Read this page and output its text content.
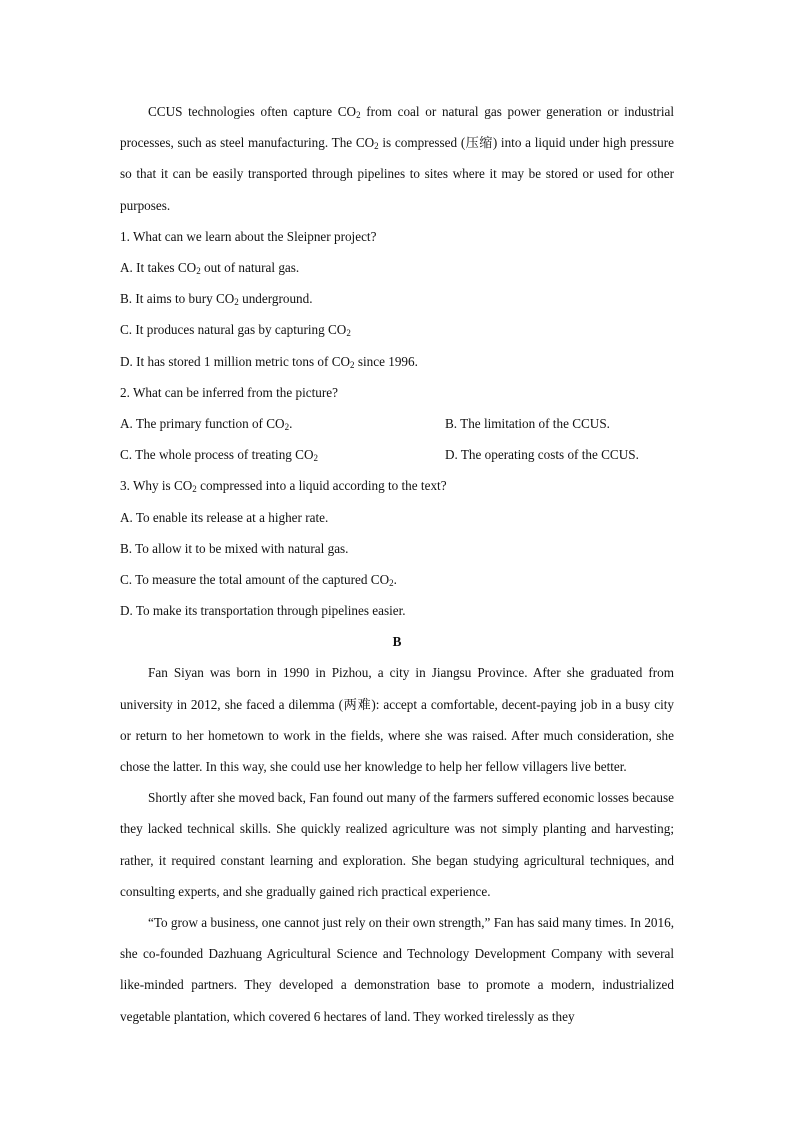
CCUS technologies often capture $CO_2$ from coal or natural gas power generation or industrial processes, such as steel manufacturing. The $CO_2$ is compressed (压缩) into a liquid under high pressure so that it can be easily transported through pipelines to sites where it may be stored or used for other purposes.

1. What can we learn about the Sleipner project?

A. It takes $CO_2$ out of natural gas.

B. It aims to bury $CO_2$ underground.

C. It produces natural gas by capturing $CO_2$

D. It has stored 1 million metric tons of $CO_2$ since 1996.

2. What can be inferred from the picture?

A. The primary function of $CO_2$.	B. The limitation of the CCUS.
C. The whole process of treating $CO_2$	D. The operating costs of the CCUS.

3. Why is $CO_2$ compressed into a liquid according to the text?

A. To enable its release at a higher rate.

B. To allow it to be mixed with natural gas.

C. To measure the total amount of the captured $CO_2$.

D. To make its transportation through pipelines easier.

B

Fan Siyan was born in 1990 in Pizhou, a city in Jiangsu Province. After she graduated from university in 2012, she faced a dilemma (两难): accept a comfortable, decent-paying job in a busy city or return to her hometown to work in the fields, where she was raised. After much consideration, she chose the latter. In this way, she could use her knowledge to help her fellow villagers live better.

Shortly after she moved back, Fan found out many of the farmers suffered economic losses because they lacked technical skills. She quickly realized agriculture was not simply planting and harvesting; rather, it required constant learning and exploration. She began studying agricultural techniques, and consulting experts, and she gradually gained rich practical experience.

“To grow a business, one cannot just rely on their own strength,” Fan has said many times. In 2016, she co-founded Dazhuang Agricultural Science and Technology Development Company with several like-minded partners. They developed a demonstration base to promote a modern, industrialized vegetable plantation, which covered 6 hectares of land. They worked tirelessly as they
